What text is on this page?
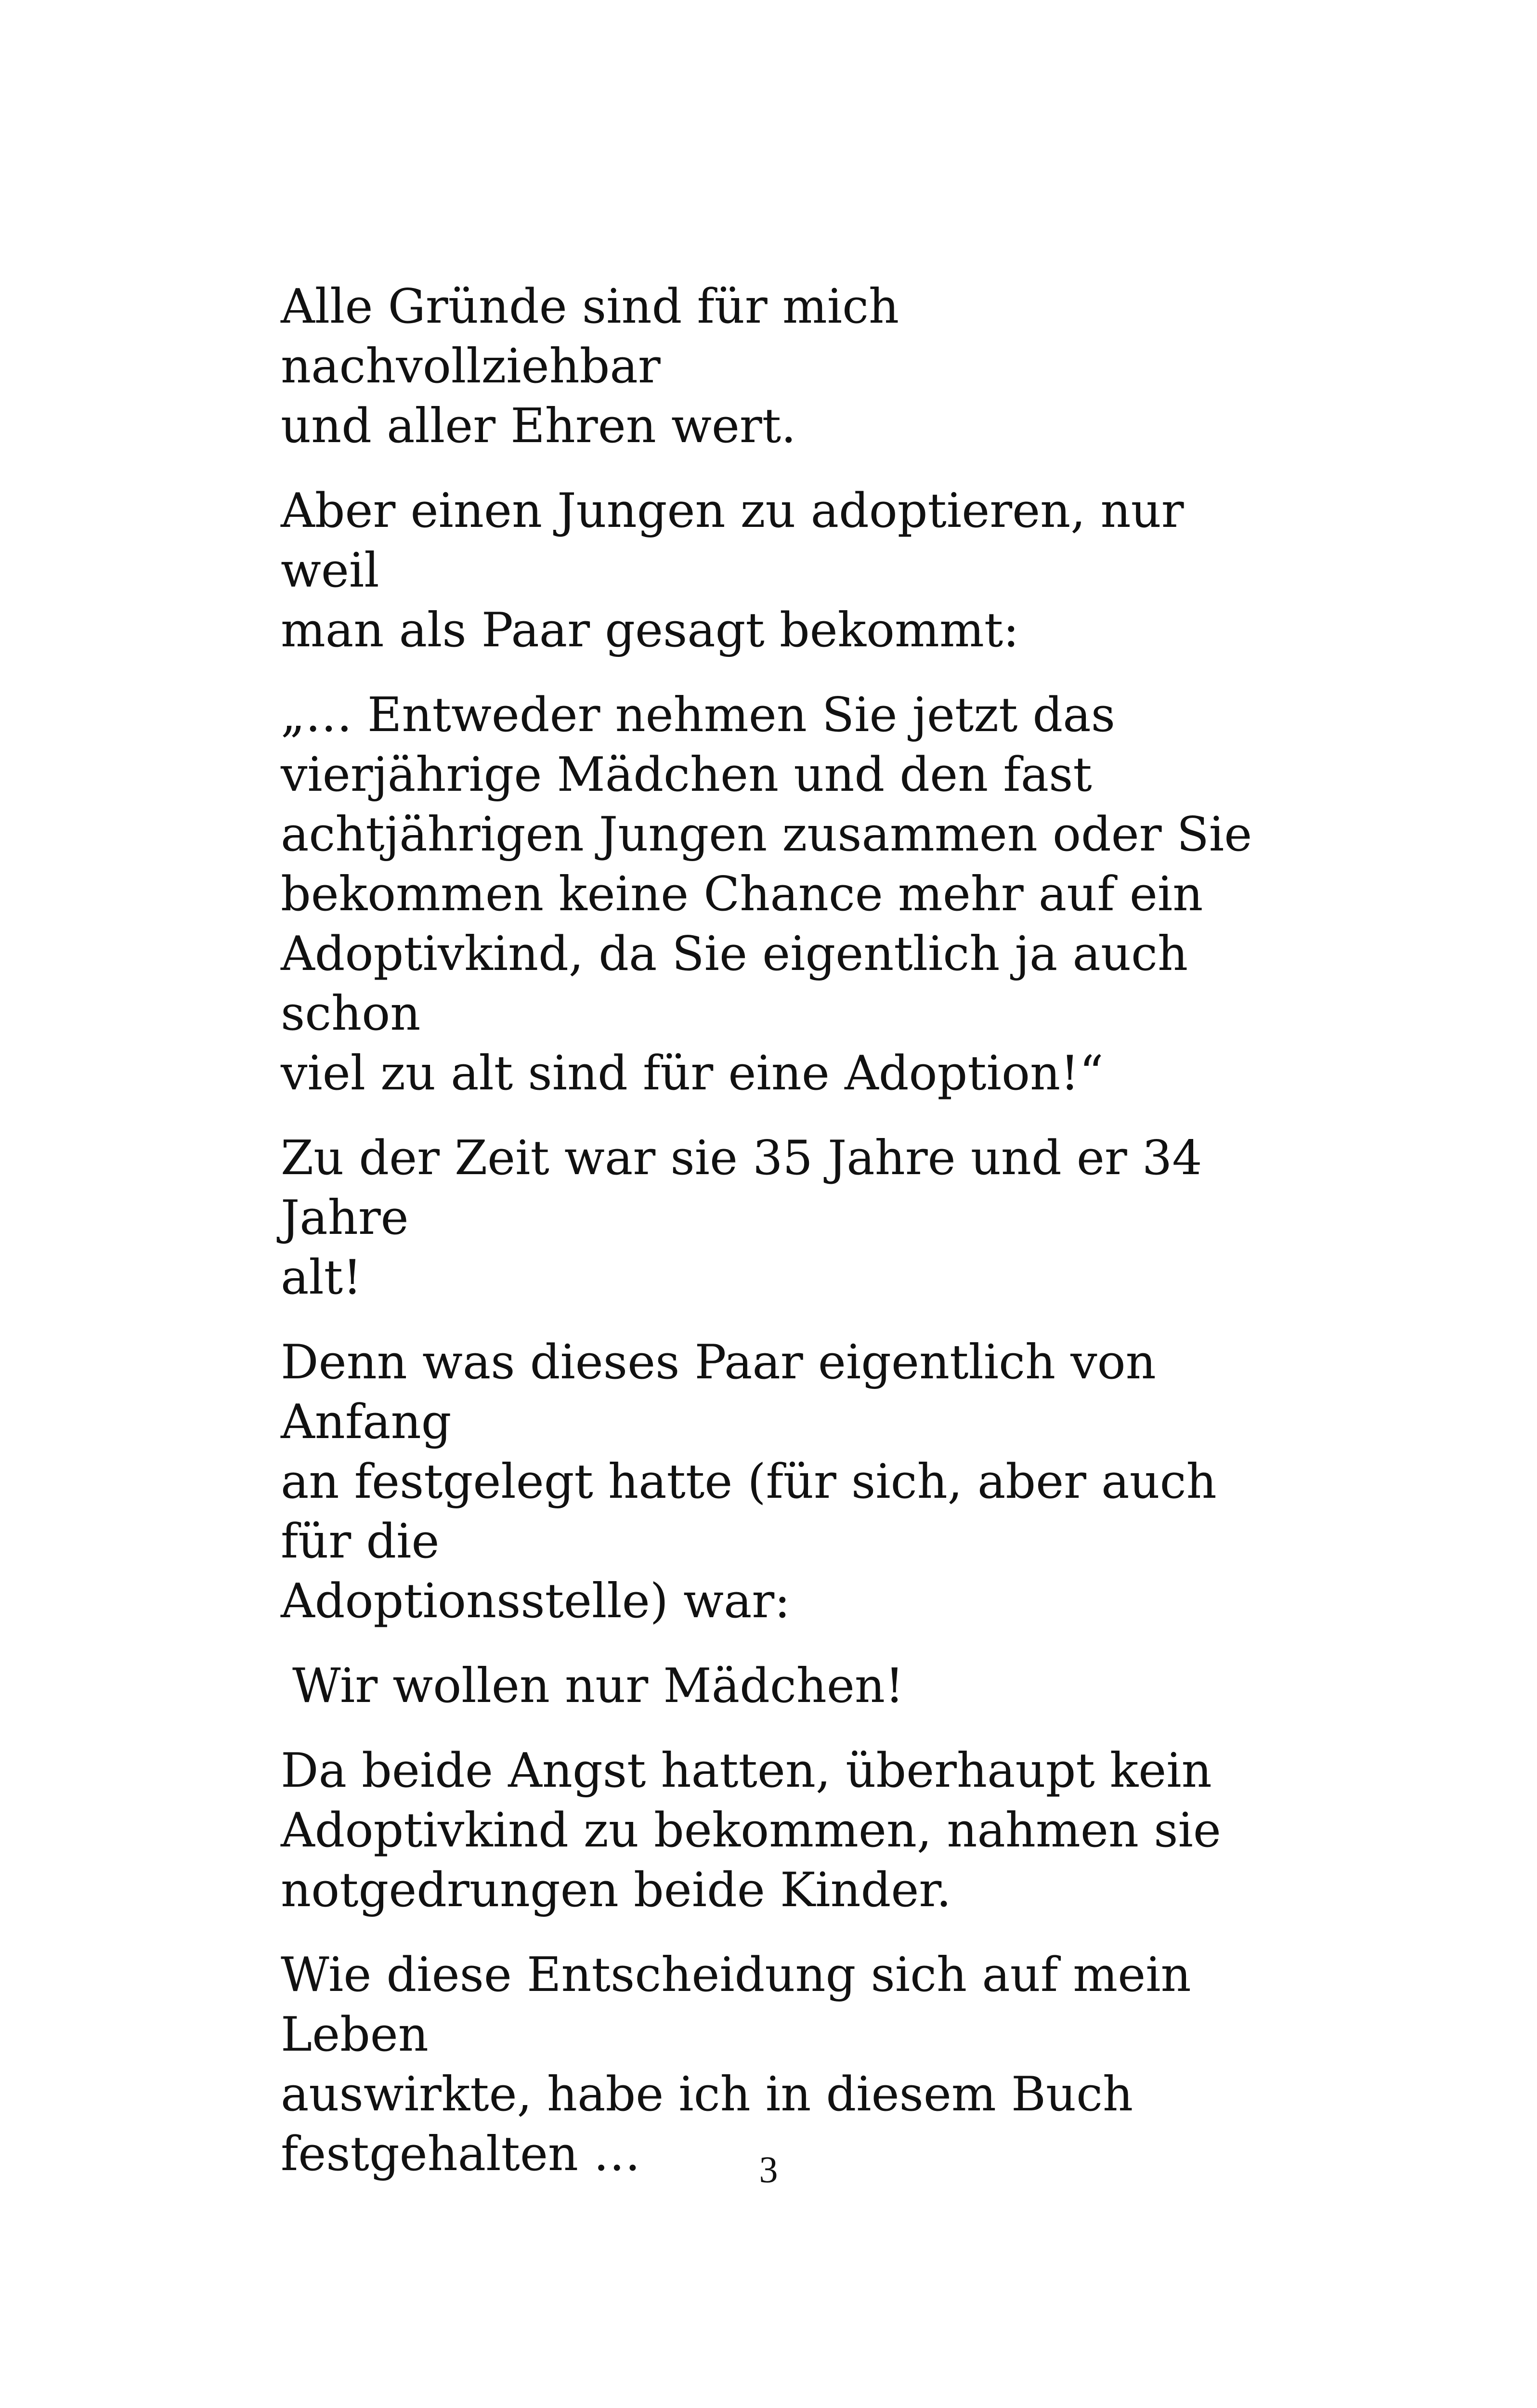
Alle Gründe sind für mich nachvollziehbar
und aller Ehren wert.

Aber einen Jungen zu adoptieren, nur weil
man als Paar gesagt bekommt:

„… Entweder nehmen Sie jetzt das
vierjährige Mädchen und den fast
achtjährigen Jungen zusammen oder Sie
bekommen keine Chance mehr auf ein
Adoptivkind, da Sie eigentlich ja auch schon
viel zu alt sind für eine Adoption!“

Zu der Zeit war sie 35 Jahre und er 34 Jahre
alt!

Denn was dieses Paar eigentlich von Anfang
an festgelegt hatte (für sich, aber auch für die
Adoptionsstelle) war:

Wir wollen nur Mädchen!

Da beide Angst hatten, überhaupt kein
Adoptivkind zu bekommen, nahmen sie
notgedrungen beide Kinder.

Wie diese Entscheidung sich auf mein Leben
auswirkte, habe ich in diesem Buch
festgehalten …	3
